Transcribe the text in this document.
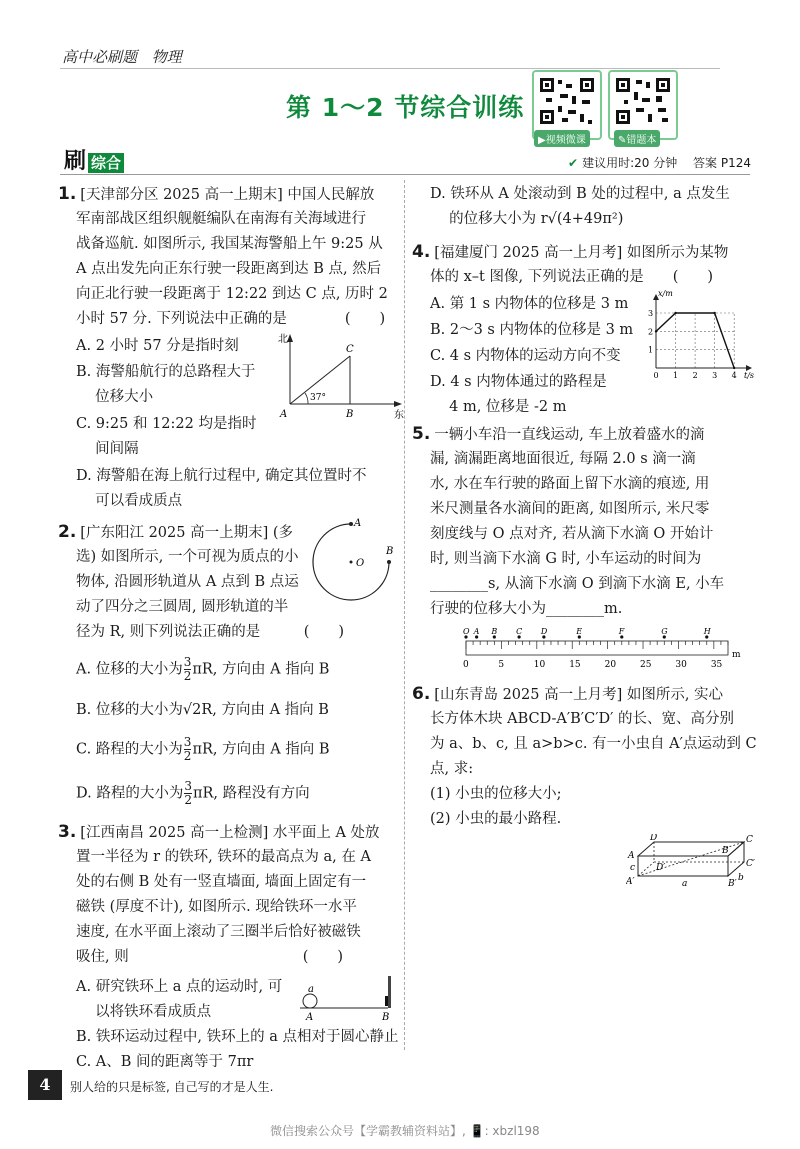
高中必刷题 物理
第 1～2 节综合训练
▶视频微课	✎错题本
刷 综合	✔ 建议用时:20 分钟 答案 P124
1. [天津部分区 2025 高一上期末] 中国人民解放
军南部战区组织舰艇编队在南海有关海域进行
战备巡航. 如图所示, 我国某海警船上午 9:25 从
A 点出发先向正东行驶一段距离到达 B 点, 然后
向正北行驶一段距离于 12:22 到达 C 点, 历时 2
小时 57 分. 下列说法中正确的是　　　　(　　)
A. 2 小时 57 分是指时刻
B. 海警船航行的总路程大于
　 位移大小
C. 9:25 和 12:22 均是指时
　 间间隔
D. 海警船在海上航行过程中, 确定其位置时不
　 可以看成质点
北
东
A	B
C
37°
2. [广东阳江 2025 高一上期末] (多
选) 如图所示, 一个可视为质点的小
物体, 沿圆形轨道从 A 点到 B 点运
动了四分之三圆周, 圆形轨道的半
径为 R, 则下列说法正确的是　　　(　　)
A. 位移的大小为 $\frac{3}{2} \pi R$, 方向由 A 指向 B
B. 位移的大小为√2R, 方向由 A 指向 B
C. 路程的大小为 $\frac{3}{2} \pi R$, 方向由 A 指向 B
D. 路程的大小为 $\frac{3}{2} \pi R$, 路程没有方向
A
B
O
3. [江西南昌 2025 高一上检测] 水平面上 A 处放
置一半径为 r 的铁环, 铁环的最高点为 a, 在 A
处的右侧 B 处有一竖直墙面, 墙面上固定有一
磁铁 (厚度不计), 如图所示. 现给铁环一水平
速度, 在水平面上滚动了三圈半后恰好被磁铁
吸住, 则　　　　　　　　　　　　(　　)
A. 研究铁环上 a 点的运动时, 可
　 以将铁环看成质点
B. 铁环运动过程中, 铁环上的 a 点相对于圆心静止
C. A、B 间的距离等于 7πr
a
A	B
D. 铁环从 A 处滚动到 B 处的过程中, a 点发生
　 的位移大小为 r√(4+49π²)
4. [福建厦门 2025 高一上月考] 如图所示为某物
体的 x–t 图像, 下列说法正确的是　　(　　)
A. 第 1 s 内物体的位移是 3 m
B. 2～3 s 内物体的位移是 3 m
C. 4 s 内物体的运动方向不变
D. 4 s 内物体通过的路程是
　 4 m, 位移是 -2 m
0 1 2 3 4
1
2
3
t/s
x/m
5. 一辆小车沿一直线运动, 车上放着盛水的滴
漏, 滴漏距离地面很近, 每隔 2.0 s 滴一滴
水, 水在车行驶的路面上留下水滴的痕迹, 用
米尺测量各水滴间的距离, 如图所示, 米尺零
刻度线与 O 点对齐, 若从滴下水滴 O 开始计
时, 则当滴下水滴 G 时, 小车运动的时间为
________s, 从滴下水滴 O 到滴下水滴 E, 小车
行驶的位移大小为________m.
0	5	10	15	20	25	30	35
m
O A B C D	E	F	G	H
6. [山东青岛 2025 高一上月考] 如图所示, 实心
长方体木块 ABCD-A′B′C′D′ 的长、宽、高分别
为 a、b、c, 且 a>b>c. 有一小虫自 A′点运动到 C
点, 求:
(1) 小虫的位移大小;
(2) 小虫的最小路程.
A	B
C
D
A′	B′
C′
D′
a
b
c
4	别人给的只是标签, 自己写的才是人生.
微信搜索公众号【学霸教辅资料站】, 📱: xbzl198
